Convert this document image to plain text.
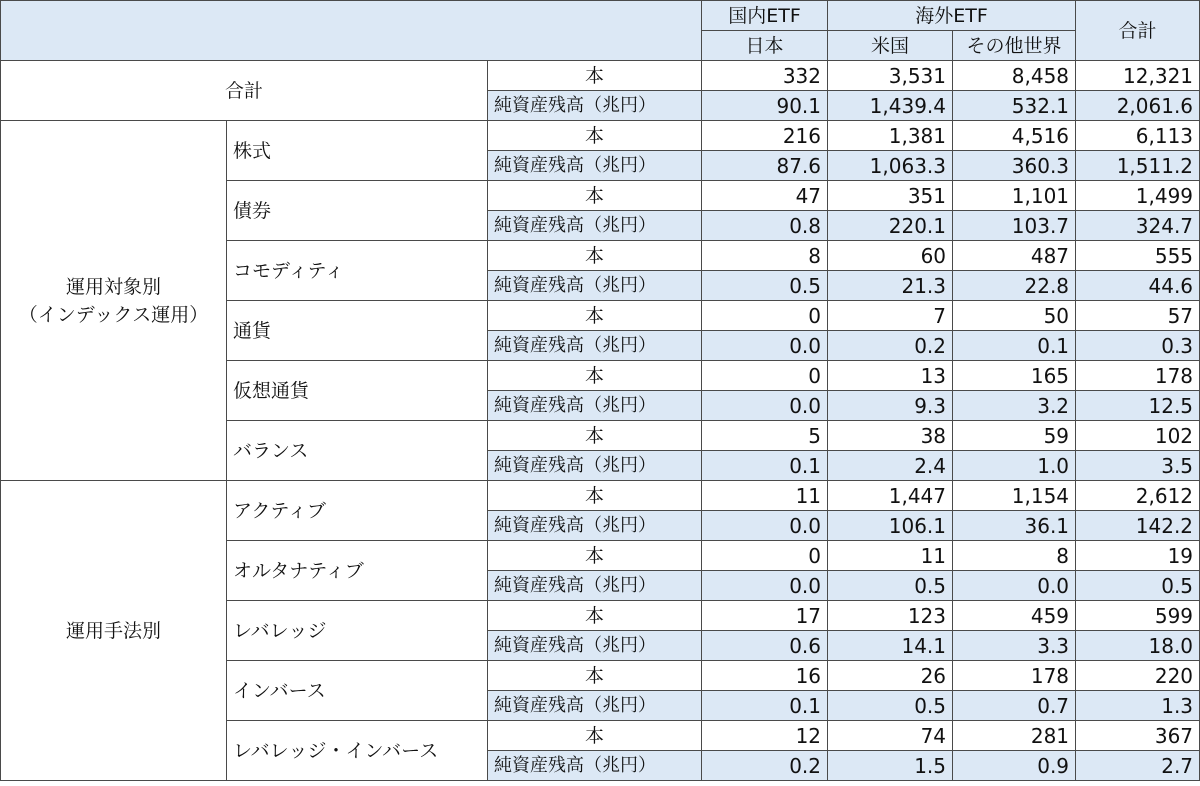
			国内ETF	海外ETF		合計
			日本	米国	その他世界	
合計		本	332	3,531	8,458	12,321
		純資産残高（兆円）	90.1	1,439.4	532.1	2,061.6

運用対象別
（インデックス運用）	株式	本	216	1,381	4,516	6,113
		純資産残高（兆円）	87.6	1,063.3	360.3	1,511.2
	債券	本	47	351	1,101	1,499
		純資産残高（兆円）	0.8	220.1	103.7	324.7
	コモディティ	本	8	60	487	555
		純資産残高（兆円）	0.5	21.3	22.8	44.6
	通貨	本	0	7	50	57
		純資産残高（兆円）	0.0	0.2	0.1	0.3
	仮想通貨	本	0	13	165	178
		純資産残高（兆円）	0.0	9.3	3.2	12.5
	バランス	本	5	38	59	102
		純資産残高（兆円）	0.1	2.4	1.0	3.5

運用手法別	アクティブ	本	11	1,447	1,154	2,612
		純資産残高（兆円）	0.0	106.1	36.1	142.2
	オルタナティブ	本	0	11	8	19
		純資産残高（兆円）	0.0	0.5	0.0	0.5
	レバレッジ	本	17	123	459	599
		純資産残高（兆円）	0.6	14.1	3.3	18.0
	インバース	本	16	26	178	220
		純資産残高（兆円）	0.1	0.5	0.7	1.3
	レバレッジ・インバース	本	12	74	281	367
		純資産残高（兆円）	0.2	1.5	0.9	2.7
